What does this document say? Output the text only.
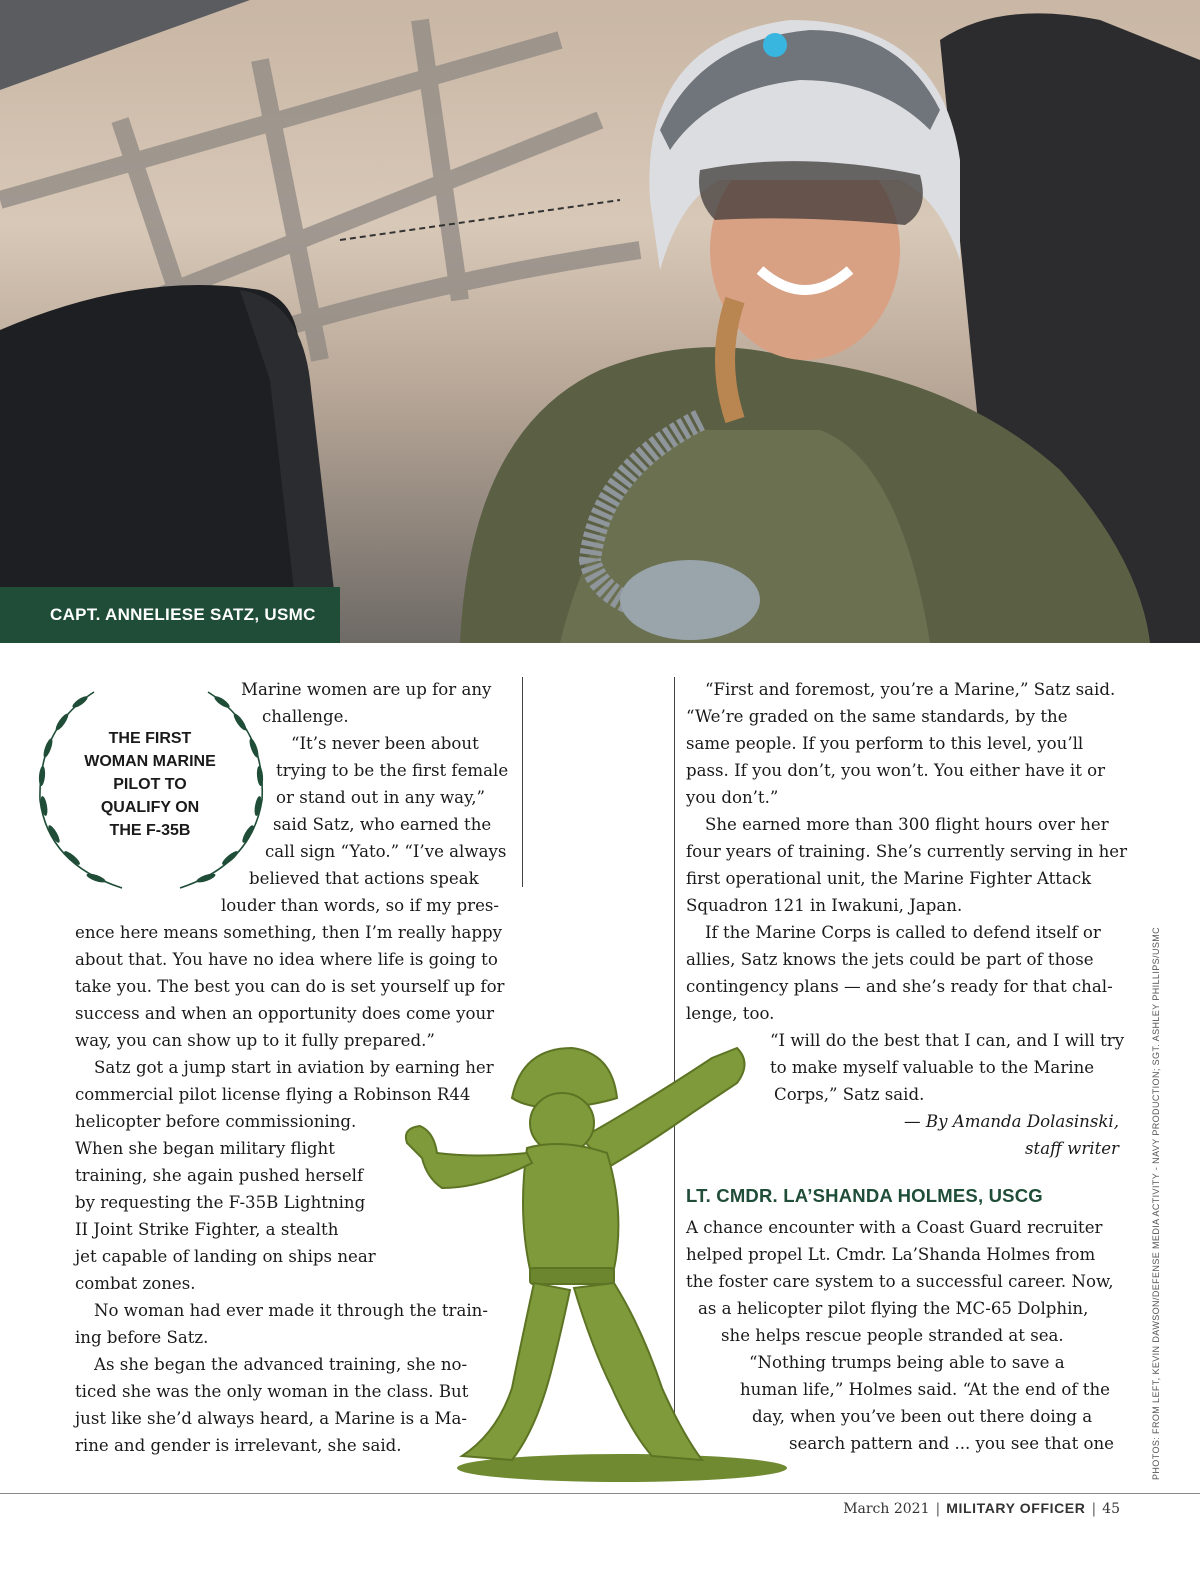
CAPT. ANNELIESE SATZ, USMC
THE FIRST
WOMAN MARINE
PILOT TO
QUALIFY ON
THE F-35B
Marine women are up for any
challenge.
“It’s never been about
trying to be the first female
or stand out in any way,”
said Satz, who earned the
call sign “Yato.” “I’ve always
believed that actions speak
louder than words, so if my pres-

ence here means something, then I’m really happy about that. You have no idea where life is going to take you. The best you can do is set yourself up for success and when an opportunity does come your way, you can show up to it fully prepared.”

Satz got a jump start in aviation by earning her commercial pilot license flying a Robinson R44

helicopter before commissioning.
When she began military flight
training, she again pushed herself
by requesting the F-35B Lightning
II Joint Strike Fighter, a stealth
jet capable of landing on ships near
combat zones.
No woman had ever made it through the train-
ing before Satz.
As she began the advanced training, she no-
ticed she was the only woman in the class. But
just like she’d always heard, a Marine is a Ma-
rine and gender is irrelevant, she said.
“First and foremost, you’re a Marine,” Satz said.
“We’re graded on the same standards, by the
same people. If you perform to this level, you’ll
pass. If you don’t, you won’t. You either have it or
you don’t.”
She earned more than 300 flight hours over her
four years of training. She’s currently serving in her
first operational unit, the Marine Fighter Attack
Squadron 121 in Iwakuni, Japan.
If the Marine Corps is called to defend itself or
allies, Satz knows the jets could be part of those
contingency plans — and she’s ready for that chal-
lenge, too.
“I will do the best that I can, and I will try
to make myself valuable to the Marine
Corps,” Satz said.
— By Amanda Dolasinski,
staff writer
LT. CMDR. LA’SHANDA HOLMES, USCG
A chance encounter with a Coast Guard recruiter
helped propel Lt. Cmdr. La’Shanda Holmes from
the foster care system to a successful career. Now,
as a helicopter pilot flying the MC-65 Dolphin,
she helps rescue people stranded at sea.
“Nothing trumps being able to save a
human life,” Holmes said. “At the end of the
day, when you’ve been out there doing a
search pattern and ... you see that one	PHOTOS: FROM LEFT, KEVIN DAWSON/DEFENSE MEDIA ACTIVITY - NAVY PRODUCTION; SGT. ASHLEY PHILLIPS/USMC
March 2021 | MILITARY OFFICER | 45
